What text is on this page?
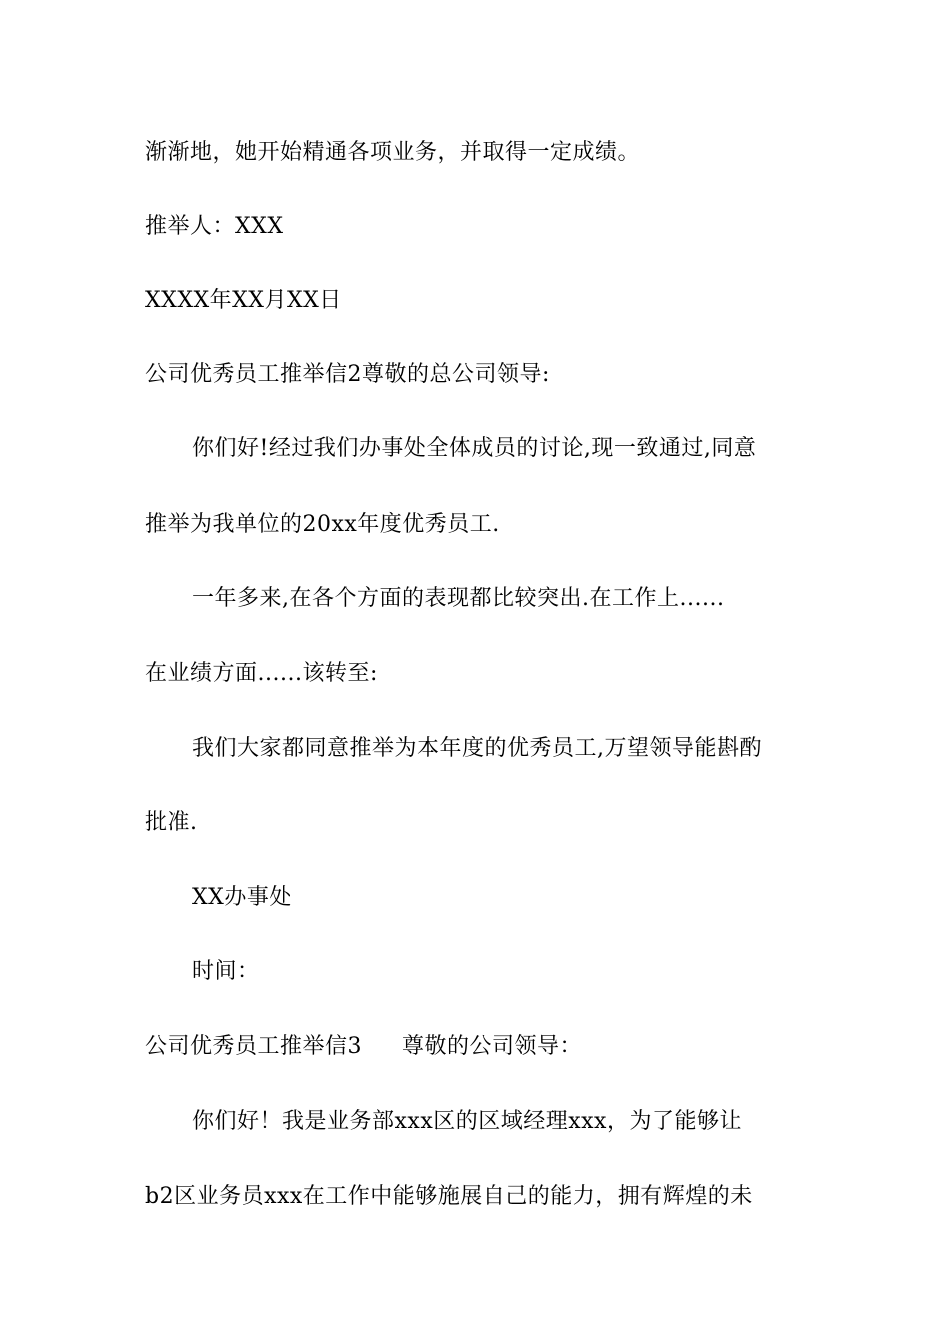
渐渐地，她开始精通各项业务，并取得一定成绩。
推举人：XXX
XXXX年XX月XX日
公司优秀员工推举信2尊敬的总公司领导:
你们好!经过我们办事处全体成员的讨论,现一致通过,同意
推举为我单位的20xx年度优秀员工.
一年多来,在各个方面的表现都比较突出.在工作上......
在业绩方面......该转至:
我们大家都同意推举为本年度的优秀员工,万望领导能斟酌
批准.
XX办事处
时间：
公司优秀员工推举信3 尊敬的公司领导：
你们好！我是业务部xxx区的区域经理xxx，为了能够让
b2区业务员xxx在工作中能够施展自己的能力，拥有辉煌的未
